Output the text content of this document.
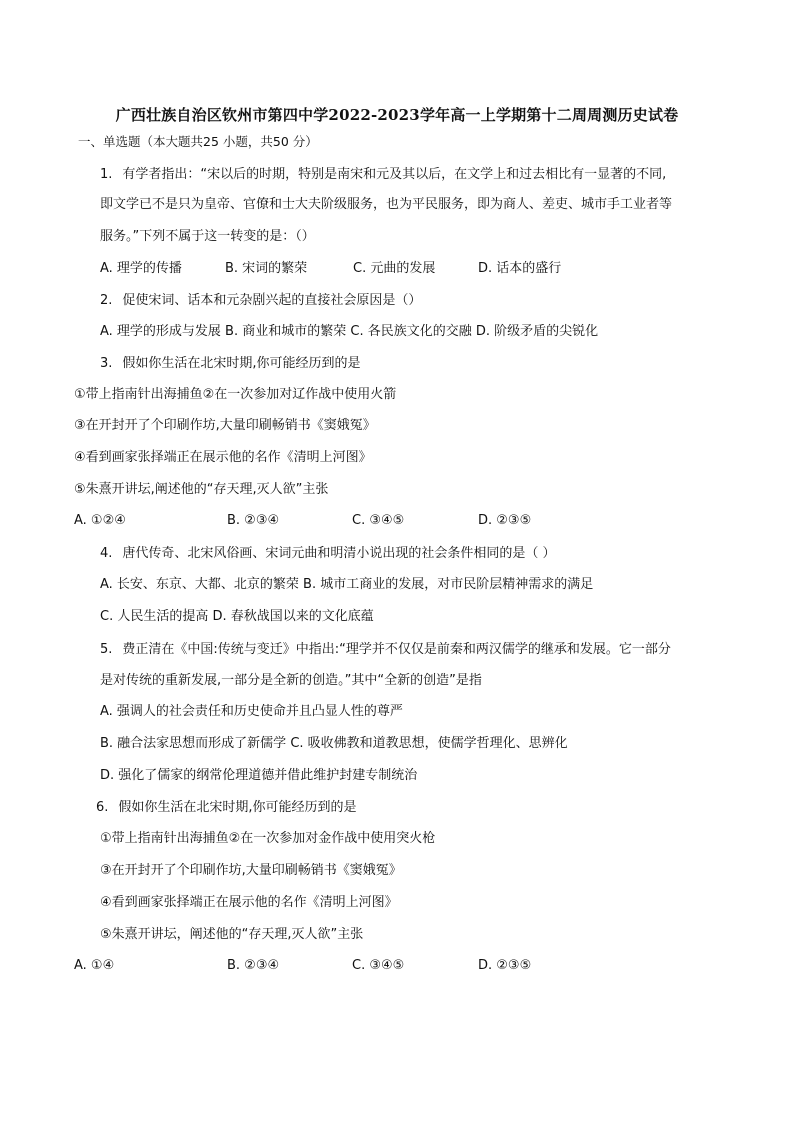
广西壮族自治区钦州市第四中学2022-2023学年高一上学期第十二周周测历史试卷
一、单选题（本大题共25 小题，共50 分）
1. 有学者指出：“宋以后的时期，特别是南宋和元及其以后，在文学上和过去相比有一显著的不同,
即文学已不是只为皇帝、官僚和士大夫阶级服务，也为平民服务，即为商人、差吏、城市手工业者等
服务。”下列不属于这一转变的是：（）
A. 理学的传播	B. 宋词的繁荣	C. 元曲的发展	D. 话本的盛行
2. 促使宋词、话本和元杂剧兴起的直接社会原因是（）
A. 理学的形成与发展 B. 商业和城市的繁荣 C. 各民族文化的交融 D. 阶级矛盾的尖锐化
3. 假如你生活在北宋时期,你可能经历到的是
①带上指南针出海捕鱼②在一次参加对辽作战中使用火箭
③在开封开了个印刷作坊,大量印刷畅销书《窦娥冤》
④看到画家张择端正在展示他的名作《清明上河图》
⑤朱熹开讲坛,阐述他的“存天理,灭人欲”主张
A. ①②④	B. ②③④	C. ③④⑤	D. ②③⑤
4. 唐代传奇、北宋风俗画、宋词元曲和明清小说出现的社会条件相同的是（ ）
A. 长安、东京、大都、北京的繁荣 B. 城市工商业的发展，对市民阶层精神需求的满足
C. 人民生活的提高 D. 春秋战国以来的文化底蕴
5. 费正清在《中国:传统与变迁》中指出:“理学并不仅仅是前秦和两汉儒学的继承和发展。它一部分
是对传统的重新发展,一部分是全新的创造。”其中“全新的创造”是指
A. 强调人的社会责任和历史使命并且凸显人性的尊严
B. 融合法家思想而形成了新儒学 C. 吸收佛教和道教思想，使儒学哲理化、思辨化
D. 强化了儒家的纲常伦理道德并借此维护封建专制统治
6. 假如你生活在北宋时期,你可能经历到的是
①带上指南针出海捕鱼②在一次参加对金作战中使用突火枪
③在开封开了个印刷作坊,大量印刷畅销书《窦娥冤》
④看到画家张择端正在展示他的名作《清明上河图》
⑤朱熹开讲坛，阐述他的“存天理,灭人欲”主张
A. ①④	B. ②③④	C. ③④⑤	D. ②③⑤
